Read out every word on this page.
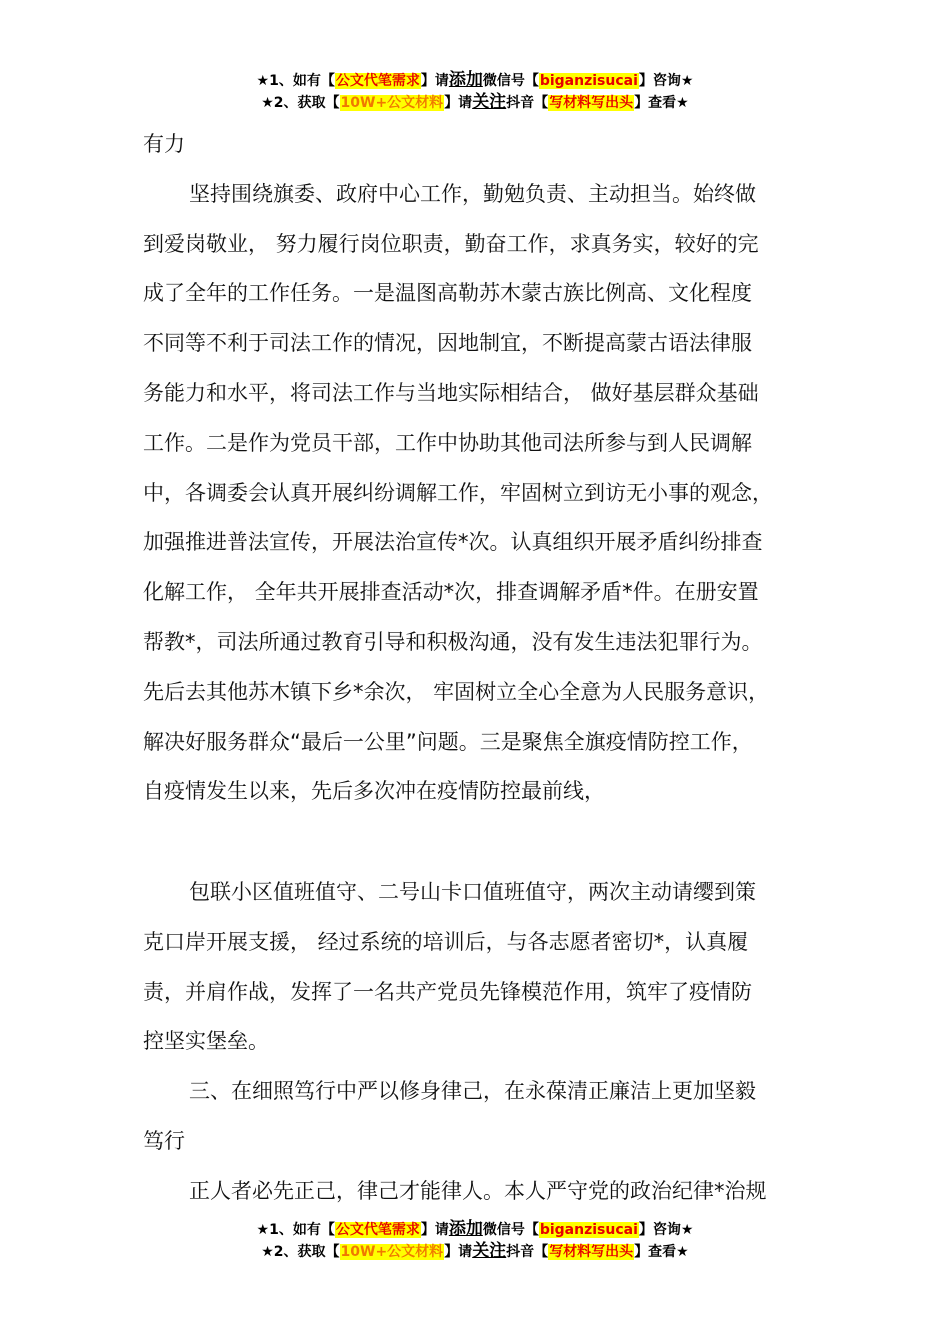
★1、如有【公文代笔需求】请添加微信号【biganzisucai】咨询★
★2、获取【10W+公文材料】请关注抖音【写材料写出头】查看★

有力

坚持围绕旗委、政府中心工作，勤勉负责、主动担当。始终做

到爱岗敬业， 努力履行岗位职责，勤奋工作，求真务实，较好的完

成了全年的工作任务。一是温图高勒苏木蒙古族比例高、文化程度

不同等不利于司法工作的情况，因地制宜，不断提高蒙古语法律服

务能力和水平，将司法工作与当地实际相结合， 做好基层群众基础

工作。二是作为党员干部，工作中协助其他司法所参与到人民调解

中，各调委会认真开展纠纷调解工作，牢固树立到访无小事的观念，

加强推进普法宣传，开展法治宣传*次。认真组织开展矛盾纠纷排查

化解工作， 全年共开展排查活动*次，排查调解矛盾*件。在册安置

帮教*，司法所通过教育引导和积极沟通，没有发生违法犯罪行为。

先后去其他苏木镇下乡*余次， 牢固树立全心全意为人民服务意识，

解决好服务群众“最后一公里”问题。三是聚焦全旗疫情防控工作，

自疫情发生以来，先后多次冲在疫情防控最前线，

包联小区值班值守、二号山卡口值班值守，两次主动请缨到策

克口岸开展支援， 经过系统的培训后，与各志愿者密切*，认真履

责，并肩作战，发挥了一名共产党员先锋模范作用，筑牢了疫情防

控坚实堡垒。

三、在细照笃行中严以修身律己，在永葆清正廉洁上更加坚毅

笃行

正人者必先正己，律己才能律人。本人严守党的政治纪律*治规

★1、如有【公文代笔需求】请添加微信号【biganzisucai】咨询★
★2、获取【10W+公文材料】请关注抖音【写材料写出头】查看★
